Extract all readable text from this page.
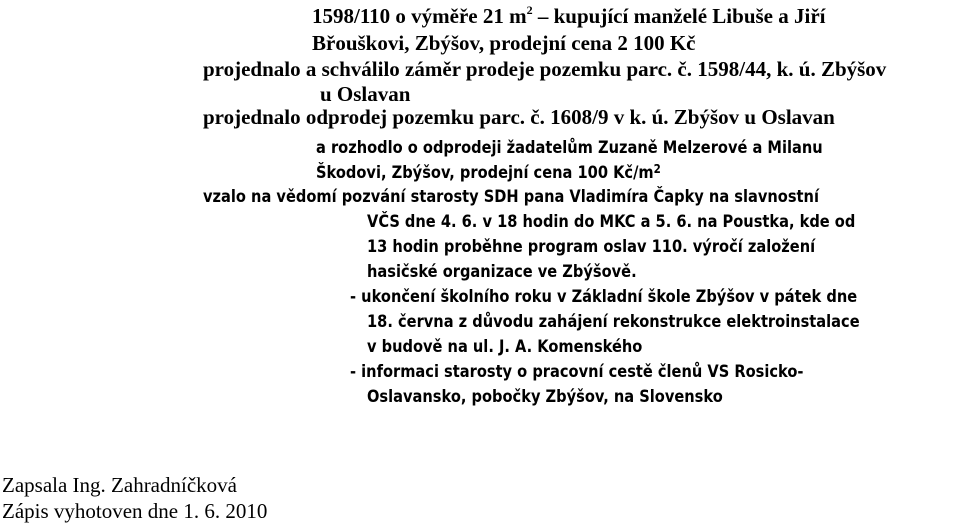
1598/110 o výměře 21 $m^2$ – kupující manželé Libuše a Jiří

Břouškovi, Zbýšov, prodejní cena 2 100 Kč

projednalo a schválilo záměr prodeje pozemku parc. č. 1598/44, k. ú. Zbýšov

u Oslavan

projednalo odprodej pozemku parc. č. 1608/9 v k. ú. Zbýšov u Oslavan

a rozhodlo o odprodeji žadatelům Zuzaně Melzerové a Milanu

Škodovi, Zbýšov, prodejní cena 100 $Kč/m^2$

vzalo na vědomí pozvání starosty SDH pana Vladimíra Čapky na slavnostní

VČS dne 4. 6. v 18 hodin do MKC a 5. 6. na Poustka, kde od

13 hodin proběhne program oslav 110. výročí založení

hasičské organizace ve Zbýšově.

- ukončení školního roku v Základní škole Zbýšov v pátek dne

18. června z důvodu zahájení rekonstrukce elektroinstalace

v budově na ul. J. A. Komenského

- informaci starosty o pracovní cestě členů VS Rosicko-

Oslavansko, pobočky Zbýšov, na Slovensko

Zapsala Ing. Zahradníčková

Zápis vyhotoven dne 1. 6. 2010
